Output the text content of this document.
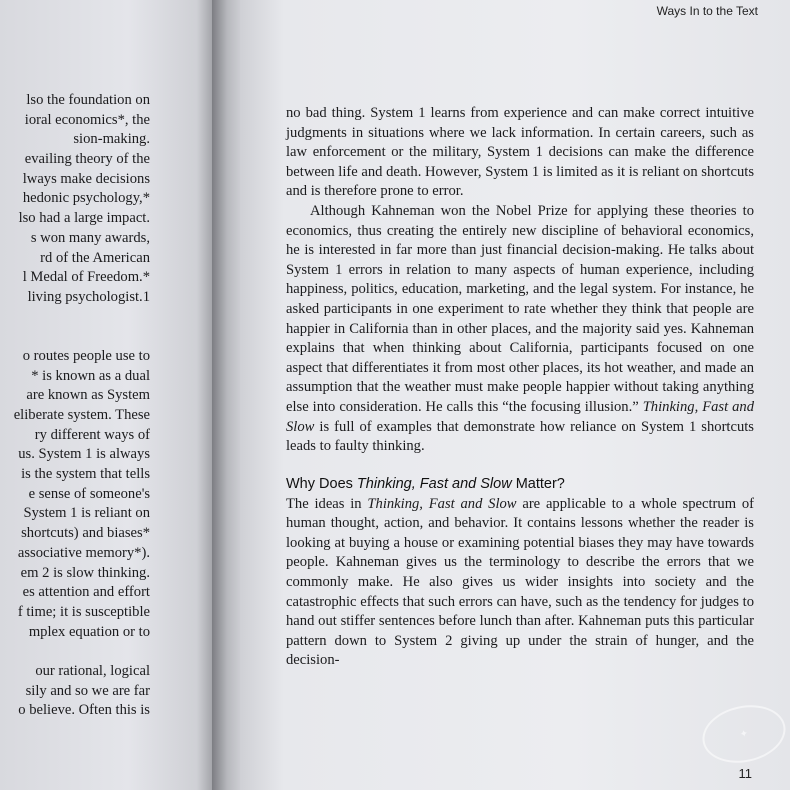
lso the foundation on
ioral economics*, the
sion-making.
evailing theory of the
lways make decisions
hedonic psychology,*
lso had a large impact.
s won many awards,
rd of the American
l Medal of Freedom.*
living psychologist.1
o routes people use to
* is known as a dual
are known as System
eliberate system. These
ry different ways of
us. System 1 is always
is the system that tells
e sense of someone's
System 1 is reliant on
shortcuts) and biases*
associative memory*).
em 2 is slow thinking.
es attention and effort
f time; it is susceptible
mplex equation or to
our rational, logical
sily and so we are far
o believe. Often this is
Ways In to the Text

no bad thing. System 1 learns from experience and can make correct intuitive judgments in situations where we lack information. In certain careers, such as law enforcement or the military, System 1 decisions can make the difference between life and death. However, System 1 is limited as it is reliant on shortcuts and is therefore prone to error.

Although Kahneman won the Nobel Prize for applying these theories to economics, thus creating the entirely new discipline of behavioral economics, he is interested in far more than just financial decision-making. He talks about System 1 errors in relation to many aspects of human experience, including happiness, politics, education, marketing, and the legal system. For instance, he asked participants in one experiment to rate whether they think that people are happier in California than in other places, and the majority said yes. Kahneman explains that when thinking about California, participants focused on one aspect that differentiates it from most other places, its hot weather, and made an assumption that the weather must make people happier without taking anything else into consideration. He calls this “the focusing illusion.” Thinking, Fast and Slow is full of examples that demonstrate how reliance on System 1 shortcuts leads to faulty thinking.

Why Does Thinking, Fast and Slow Matter?

The ideas in Thinking, Fast and Slow are applicable to a whole spectrum of human thought, action, and behavior. It contains lessons whether the reader is looking at buying a house or examining potential biases they may have towards people. Kahneman gives us the terminology to describe the errors that we commonly make. He also gives us wider insights into society and the catastrophic effects that such errors can have, such as the tendency for judges to hand out stiffer sentences before lunch than after. Kahneman puts this particular pattern down to System 2 giving up under the strain of hunger, and the decision-

✦
11
